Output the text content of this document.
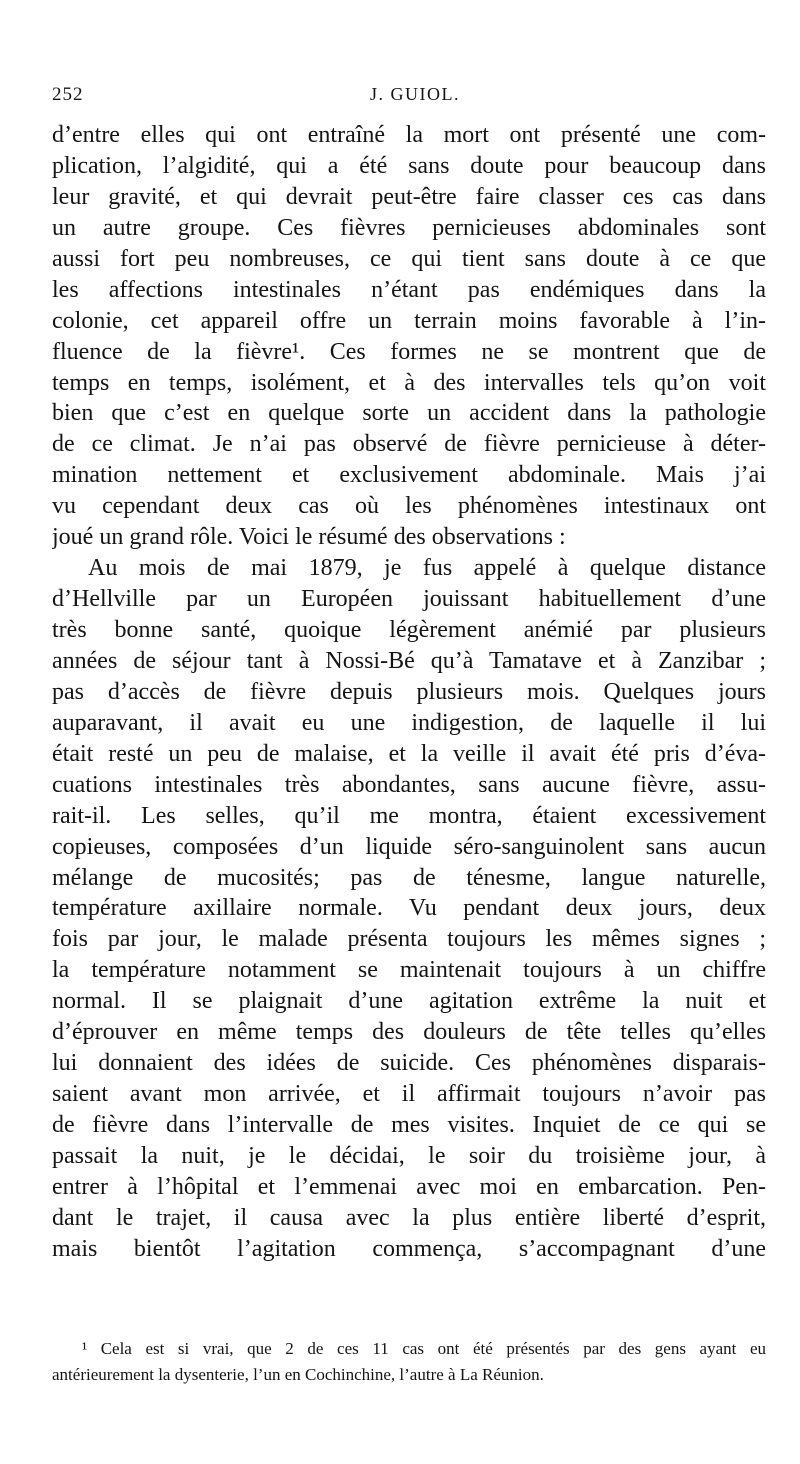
252	J. GUIOL.
d’entre elles qui ont entraîné la mort ont présenté une com-
plication, l’algidité, qui a été sans doute pour beaucoup dans
leur gravité, et qui devrait peut-être faire classer ces cas dans
un autre groupe. Ces fièvres pernicieuses abdominales sont
aussi fort peu nombreuses, ce qui tient sans doute à ce que
les affections intestinales n’étant pas endémiques dans la
colonie, cet appareil offre un terrain moins favorable à l’in-
fluence de la fièvre¹. Ces formes ne se montrent que de
temps en temps, isolément, et à des intervalles tels qu’on voit
bien que c’est en quelque sorte un accident dans la pathologie
de ce climat. Je n’ai pas observé de fièvre pernicieuse à déter-
mination nettement et exclusivement abdominale. Mais j’ai
vu cependant deux cas où les phénomènes intestinaux ont
joué un grand rôle. Voici le résumé des observations :
Au mois de mai 1879, je fus appelé à quelque distance
d’Hellville par un Européen jouissant habituellement d’une
très bonne santé, quoique légèrement anémié par plusieurs
années de séjour tant à Nossi-Bé qu’à Tamatave et à Zanzibar ;
pas d’accès de fièvre depuis plusieurs mois. Quelques jours
auparavant, il avait eu une indigestion, de laquelle il lui
était resté un peu de malaise, et la veille il avait été pris d’éva-
cuations intestinales très abondantes, sans aucune fièvre, assu-
rait-il. Les selles, qu’il me montra, étaient excessivement
copieuses, composées d’un liquide séro-sanguinolent sans aucun
mélange de mucosités; pas de ténesme, langue naturelle,
température axillaire normale. Vu pendant deux jours, deux
fois par jour, le malade présenta toujours les mêmes signes ;
la température notamment se maintenait toujours à un chiffre
normal. Il se plaignait d’une agitation extrême la nuit et
d’éprouver en même temps des douleurs de tête telles qu’elles
lui donnaient des idées de suicide. Ces phénomènes disparais-
saient avant mon arrivée, et il affirmait toujours n’avoir pas
de fièvre dans l’intervalle de mes visites. Inquiet de ce qui se
passait la nuit, je le décidai, le soir du troisième jour, à
entrer à l’hôpital et l’emmenai avec moi en embarcation. Pen-
dant le trajet, il causa avec la plus entière liberté d’esprit,
mais bientôt l’agitation commença, s’accompagnant d’une
¹ Cela est si vrai, que 2 de ces 11 cas ont été présentés par des gens ayant eu
antérieurement la dysenterie, l’un en Cochinchine, l’autre à La Réunion.
